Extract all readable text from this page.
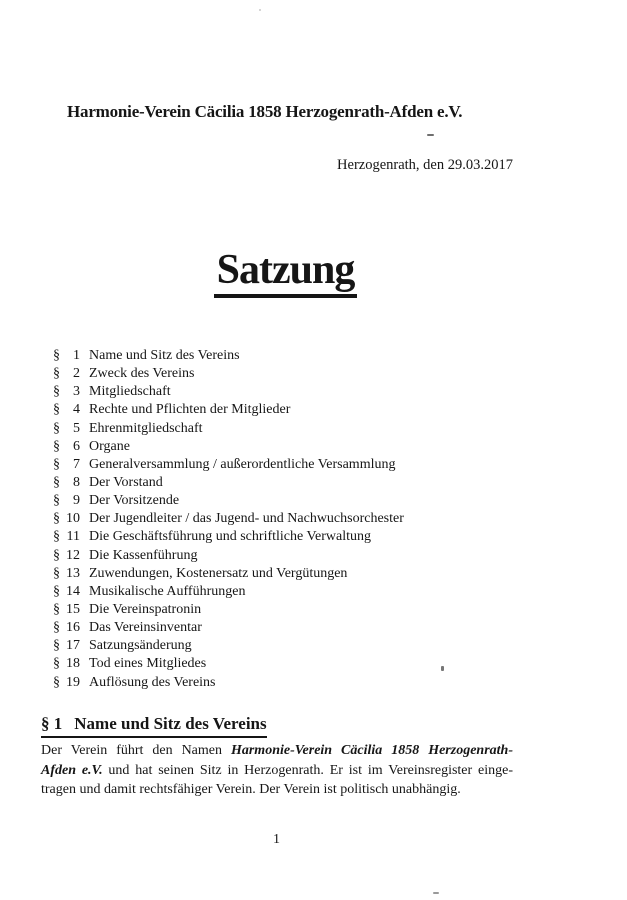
Harmonie-Verein Cäcilia 1858 Herzogenrath-Afden e.V.
Herzogenrath, den 29.03.2017
Satzung
§ 1 Name und Sitz des Vereins
§ 2 Zweck des Vereins
§ 3 Mitgliedschaft
§ 4 Rechte und Pflichten der Mitglieder
§ 5 Ehrenmitgliedschaft
§ 6 Organe
§ 7 Generalversammlung / außerordentliche Versammlung
§ 8 Der Vorstand
§ 9 Der Vorsitzende
§ 10 Der Jugendleiter / das Jugend- und Nachwuchsorchester
§ 11 Die Geschäftsführung und schriftliche Verwaltung
§ 12 Die Kassenführung
§ 13 Zuwendungen, Kostenersatz und Vergütungen
§ 14 Musikalische Aufführungen
§ 15 Die Vereinspatronin
§ 16 Das Vereinsinventar
§ 17 Satzungsänderung
§ 18 Tod eines Mitgliedes
§ 19 Auflösung des Vereins
§ 1 Name und Sitz des Vereins
Der Verein führt den Namen Harmonie-Verein Cäcilia 1858 Herzogenrath-
Afden e.V. und hat seinen Sitz in Herzogenrath. Er ist im Vereinsregister einge-
tragen und damit rechtsfähiger Verein. Der Verein ist politisch unabhängig.
1
